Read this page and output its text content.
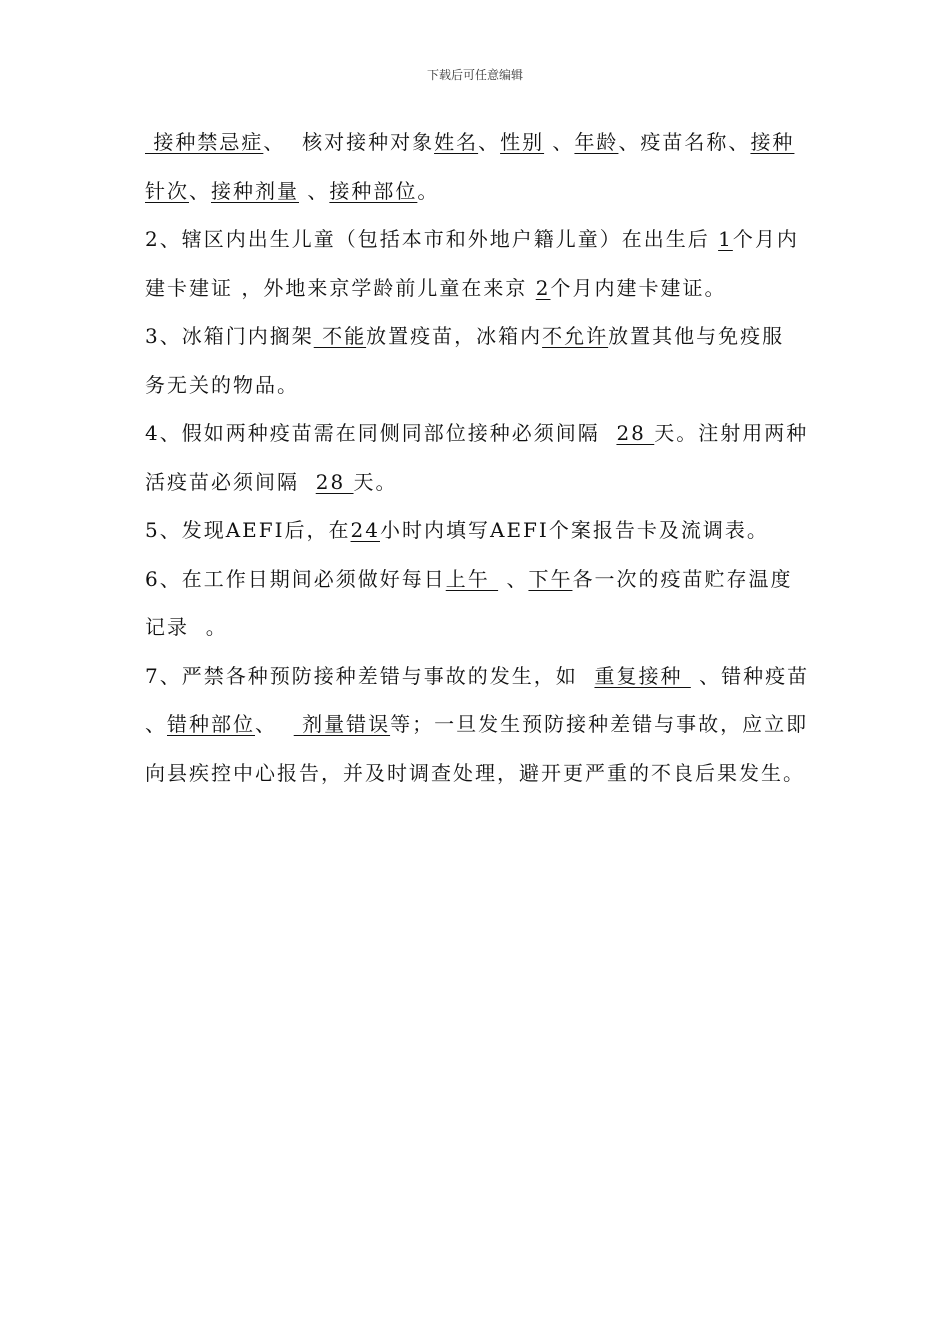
下载后可任意编辑
接种禁忌症、  核对接种对象姓名、性别 、年龄、疫苗名称、接种
针次、接种剂量 、接种部位。
2、辖区内出生儿童（包括本市和外地户籍儿童）在出生后 1个月内
建卡建证 ，外地来京学龄前儿童在来京 2个月内建卡建证。
3、冰箱门内搁架 不能放置疫苗，冰箱内不允许放置其他与免疫服
务无关的物品。
4、假如两种疫苗需在同侧同部位接种必须间隔  28 天。注射用两种
活疫苗必须间隔  28 天。
5、发现AEFI后，在24小时内填写AEFI个案报告卡及流调表。
6、在工作日期间必须做好每日上午  、下午各一次的疫苗贮存温度
记录  。
7、严禁各种预防接种差错与事故的发生，如  重复接种  、错种疫苗
、错种部位、   剂量错误等；一旦发生预防接种差错与事故，应立即
向县疾控中心报告，并及时调查处理，避开更严重的不良后果发生。
